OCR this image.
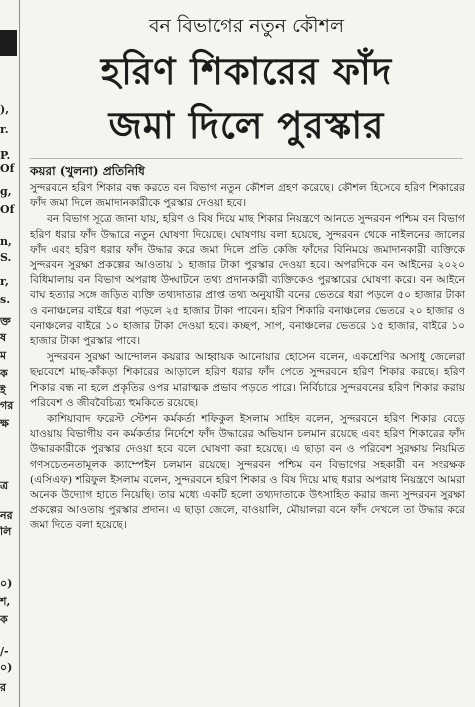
),
r.
P.
Of
g,
Of
n,
S.
r,
s.
ক্ত
ষ
ম
ক
ই
গর
ক্ষ
ত্র
নর
লি
০)
শ,
ক
/-
০)
র
বন বিভাগের নতুন কৌশল
হরিণ শিকারের ফাঁদ
জমা দিলে পুরস্কার
কয়রা (খুলনা) প্রতিনিধি

সুন্দরবনে হরিণ শিকার বন্ধ করতে বন বিভাগ নতুন কৌশল গ্রহণ করেছে। কৌশল হিসেবে হরিণ শিকারের ফাঁদ জমা দিলে জমাদানকারীকে পুরস্কার দেওয়া হবে।

বন বিভাগ সূত্রে জানা যায়, হরিণ ও বিষ দিয়ে মাছ শিকার নিয়ন্ত্রণে আনতে সুন্দরবন পশ্চিম বন বিভাগ হরিণ ধরার ফাঁদ উদ্ধারে নতুন ঘোষণা দিয়েছে। ঘোষণায় বলা হয়েছে, সুন্দরবন থেকে নাইলনের জালের ফাঁদ এবং হরিণ ধরার ফাঁদ উদ্ধার করে জমা দিলে প্রতি কেজি ফাঁদের বিনিময়ে জমাদানকারী ব্যক্তিকে সুন্দরবন সুরক্ষা প্রকল্পের আওতায় ১ হাজার টাকা পুরস্কার দেওয়া হবে। অপরদিকে বন আইনের ২০২০ বিধিমালায় বন বিভাগ অপরাধ উদ্ঘাটনে তথ্য প্রদানকারী ব্যক্তিকেও পুরস্কারের ঘোষণা করে। বন আইনে বাঘ হত্যার সঙ্গে জড়িত ব্যক্তি তথ্যদাতার প্রাপ্ত তথ্য অনুযায়ী বনের ভেতরে ধরা পড়লে ৫০ হাজার টাকা ও বনাঞ্চলের বাইরে ধরা পড়লে ২৫ হাজার টাকা পাবেন। হরিণ শিকারি বনাঞ্চলের ভেতরে ২০ হাজার ও বনাঞ্চলের বাইরে ১০ হাজার টাকা দেওয়া হবে। কচ্ছপ, সাপ, বনাঞ্চলের ভেতরে ১৫ হাজার, বাইরে ১০ হাজার টাকা পুরস্কার পাবে।

সুন্দরবন সুরক্ষা আন্দোলন কয়রার আহ্বায়ক আনোয়ার হোসেন বলেন, একশ্রেণির অসাধু জেলেরা ছদ্মবেশে মাছ-কাঁকড়া শিকারের আড়ালে হরিণ ধরার ফাঁদ পেতে সুন্দরবনে হরিণ শিকার করছে। হরিণ শিকার বন্ধ না হলে প্রকৃতির ওপর মারাত্মক প্রভাব পড়তে পারে। নির্বিচারে সুন্দরবনের হরিণ শিকার করায় পরিবেশ ও জীববৈচিত্র্য হুমকিতে রয়েছে।

কাশিয়াবাদ ফরেস্ট স্টেশন কর্মকর্তা শফিকুল ইসলাম সাহিদ বলেন, সুন্দরবনে হরিণ শিকার বেড়ে যাওয়ায় বিভাগীয় বন কর্মকর্তার নির্দেশে ফাঁদ উদ্ধারের অভিযান চলমান রয়েছে এবং হরিণ শিকারের ফাঁদ উদ্ধারকারীকে পুরস্কার দেওয়া হবে বলে ঘোষণা করা হয়েছে। এ ছাড়া বন ও পরিবেশ সুরক্ষায় নিয়মিত গণসচেতনতামূলক ক্যাম্পেইন চলমান রয়েছে। সুন্দরবন পশ্চিম বন বিভাগের সহকারী বন সংরক্ষক (এসিএফ) শরিফুল ইসলাম বলেন, সুন্দরবনে হরিণ শিকার ও বিষ দিয়ে মাছ ধরার অপরাধ নিয়ন্ত্রণে আমরা অনেক উদ্যোগ হাতে নিয়েছি। তার মধ্যে একটি হলো তথ্যদাতাকে উৎসাহিত করার জন্য সুন্দরবন সুরক্ষা প্রকল্পের আওতায় পুরস্কার প্রদান। এ ছাড়া জেলে, বাওয়ালি, মৌয়ালরা বনে ফাঁদ দেখলে তা উদ্ধার করে জমা দিতে বলা হয়েছে।
